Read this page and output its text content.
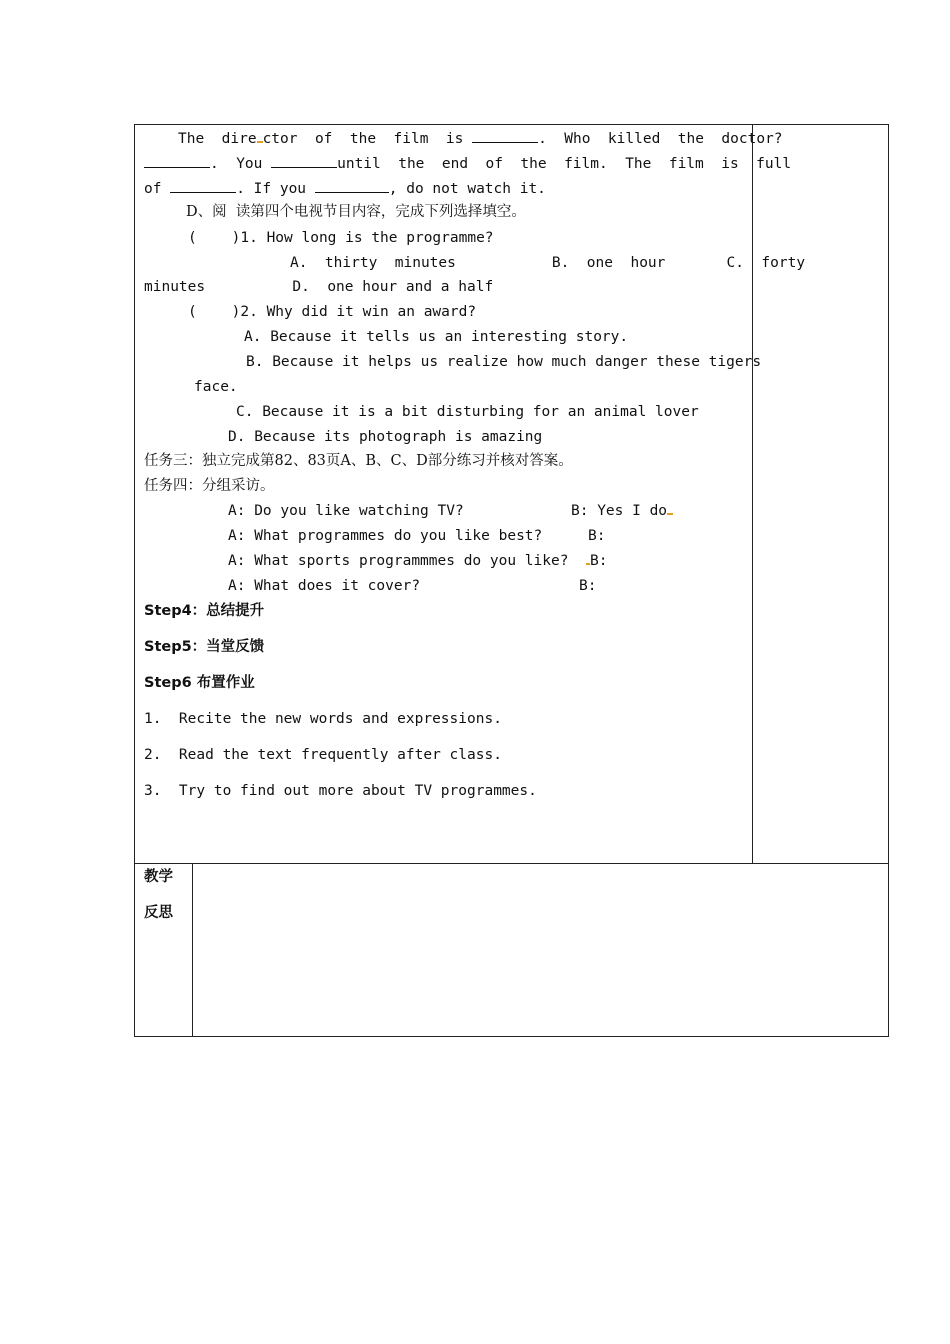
The  dire ctor  of  the  film  is	.  Who  killed  the  doctor?
.  You	until  the  end  of  the  film.  The  film  is  full
of	. If you	, do not watch it.
D、阅  读第四个电视节目内容，完成下列选择填空。
(    )1. How long is the programme?
A.  thirty  minutes           B.  one  hour       C.  forty
minutes          D.  one hour and a half
(    )2. Why did it win an award?
A. Because it tells us an interesting story.
B. Because it helps us realize how much danger these tigers
face.
C. Because it is a bit disturbing for an animal lover
D. Because its photograph is amazing
任务三：独立完成第82、83页A、B、C、D部分练习并核对答案。
任务四：分组采访。
A: Do you like watching TV?	B: Yes I do
A: What programmes do you like best?	B:
A: What sports programmmes do you like? B:
A: What does it cover?	B:
Step4：总结提升
Step5：当堂反馈
Step6 布置作业
1.  Recite the new words and expressions.
2.  Read the text frequently after class.
3.  Try to find out more about TV programmes.
教学
反思
